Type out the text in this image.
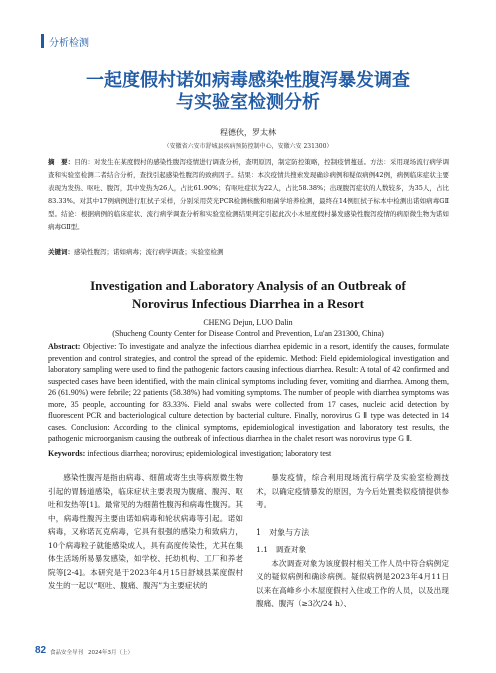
分析检测
一起度假村诺如病毒感染性腹泻暴发调查
与实验室检测分析
程德伙，罗太林
（安徽省六安市舒城县疾病预防控制中心，安徽六安 231300）
摘　要：目的：对发生在某度假村的感染性腹泻疫情进行调查分析，查明原因，制定防控策略，控制疫情蔓延。方法：采用现场流行病学调查和实验室检测二者结合分析，查找引起感染性腹泻的致病因子。结果：本次疫情共搜索发现确诊病例和疑似病例42例，病例临床症状主要表现为发热、呕吐、腹泻，其中发热为26人，占比61.90%；有呕吐症状为22人，占比58.38%；出现腹泻症状的人数较多，为35人，占比83.33%。对其中17例病例进行肛拭子采样，分别采用荧光PCR检测核酸和细菌学培养检测，最终在14例肛拭子标本中检测出诺如病毒GⅡ型。结论：根据病例的临床症状、流行病学调查分析和实验室检测结果判定引起此次小木屋度假村暴发感染性腹泻疫情的病原微生物为诺如病毒GⅡ型。
关键词：感染性腹泻；诺如病毒；流行病学调查；实验室检测
Investigation and Laboratory Analysis of an Outbreak of
Norovirus Infectious Diarrhea in a Resort
CHENG Dejun, LUO Dalin
(Shucheng County Center for Disease Control and Prevention, Lu'an 231300, China)
Abstract: Objective: To investigate and analyze the infectious diarrhea epidemic in a resort, identify the causes, formulate prevention and control strategies, and control the spread of the epidemic. Method: Field epidemiological investigation and laboratory sampling were used to find the pathogenic factors causing infectious diarrhea. Result: A total of 42 confirmed and suspected cases have been identified, with the main clinical symptoms including fever, vomiting and diarrhea. Among them, 26 (61.90%) were febrile; 22 patients (58.38%) had vomiting symptoms. The number of people with diarrhea symptoms was more, 35 people, accounting for 83.33%. Field anal swabs were collected from 17 cases, nucleic acid detection by fluorescent PCR and bacteriological culture detection by bacterial culture. Finally, norovirus G Ⅱ type was detected in 14 cases. Conclusion: According to the clinical symptoms, epidemiological investigation and laboratory test results, the pathogenic microorganism causing the outbreak of infectious diarrhea in the chalet resort was norovirus type G Ⅱ.
Keywords: infectious diarrhea; norovirus; epidemiological investigation; laboratory test
感染性腹泻是指由病毒、细菌或寄生虫等病原微生物引起的胃肠道感染，临床症状主要表现为腹痛、腹泻、呕吐和发热等[1]。最常见的为细菌性腹泻和病毒性腹泻。其中，病毒性腹泻主要由诺如病毒和轮状病毒等引起。诺如病毒，又称诺瓦克病毒，它具有很强的感染力和致病力，10个病毒粒子就能感染成人，具有高度传染性，尤其在集体生活场所易暴发感染，如学校、托幼机构、工厂和养老院等[2-4]。本研究是于2023年4月15日舒城县某度假村发生的一起以“呕吐、腹痛、腹泻”为主要症状的

暴发疫情，综合利用现场流行病学及实验室检测技术，以确定疫情暴发的原因，为今后处置类似疫情提供参考。

1　对象与方法
1.1　调查对象

本次调查对象为该度假村相关工作人员中符合病例定义的疑似病例和确诊病例。疑似病例是2023年4月11日以来在高峰乡小木屋度假村入住或工作的人员，以及出现腹痛、腹泻（≥3次/24 h）、

82 食品安全导刊 2024年3月（上）
